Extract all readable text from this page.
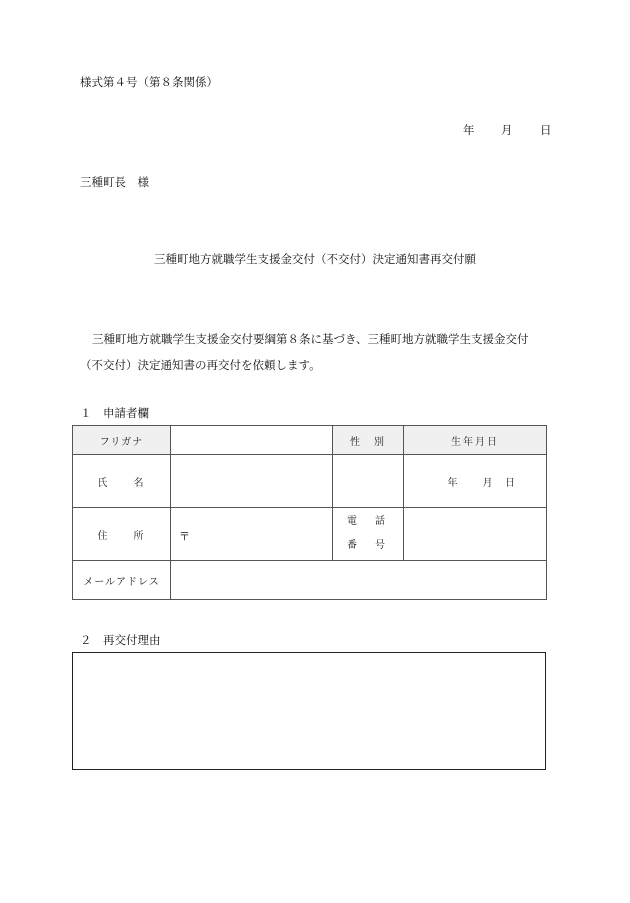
様式第４号（第８条関係）
年 月 日
三種町長　様
三種町地方就職学生支援金交付（不交付）決定通知書再交付願
三種町地方就職学生支援金交付要綱第８条に基づき、三種町地方就職学生支援金交付（不交付）決定通知書の再交付を依頼します。
１　申請者欄
フリガナ		性　別	生年月日
氏　　名			年 月 日
住　　所	〒	電　話
番　号	

メールアドレス			
２　再交付理由
